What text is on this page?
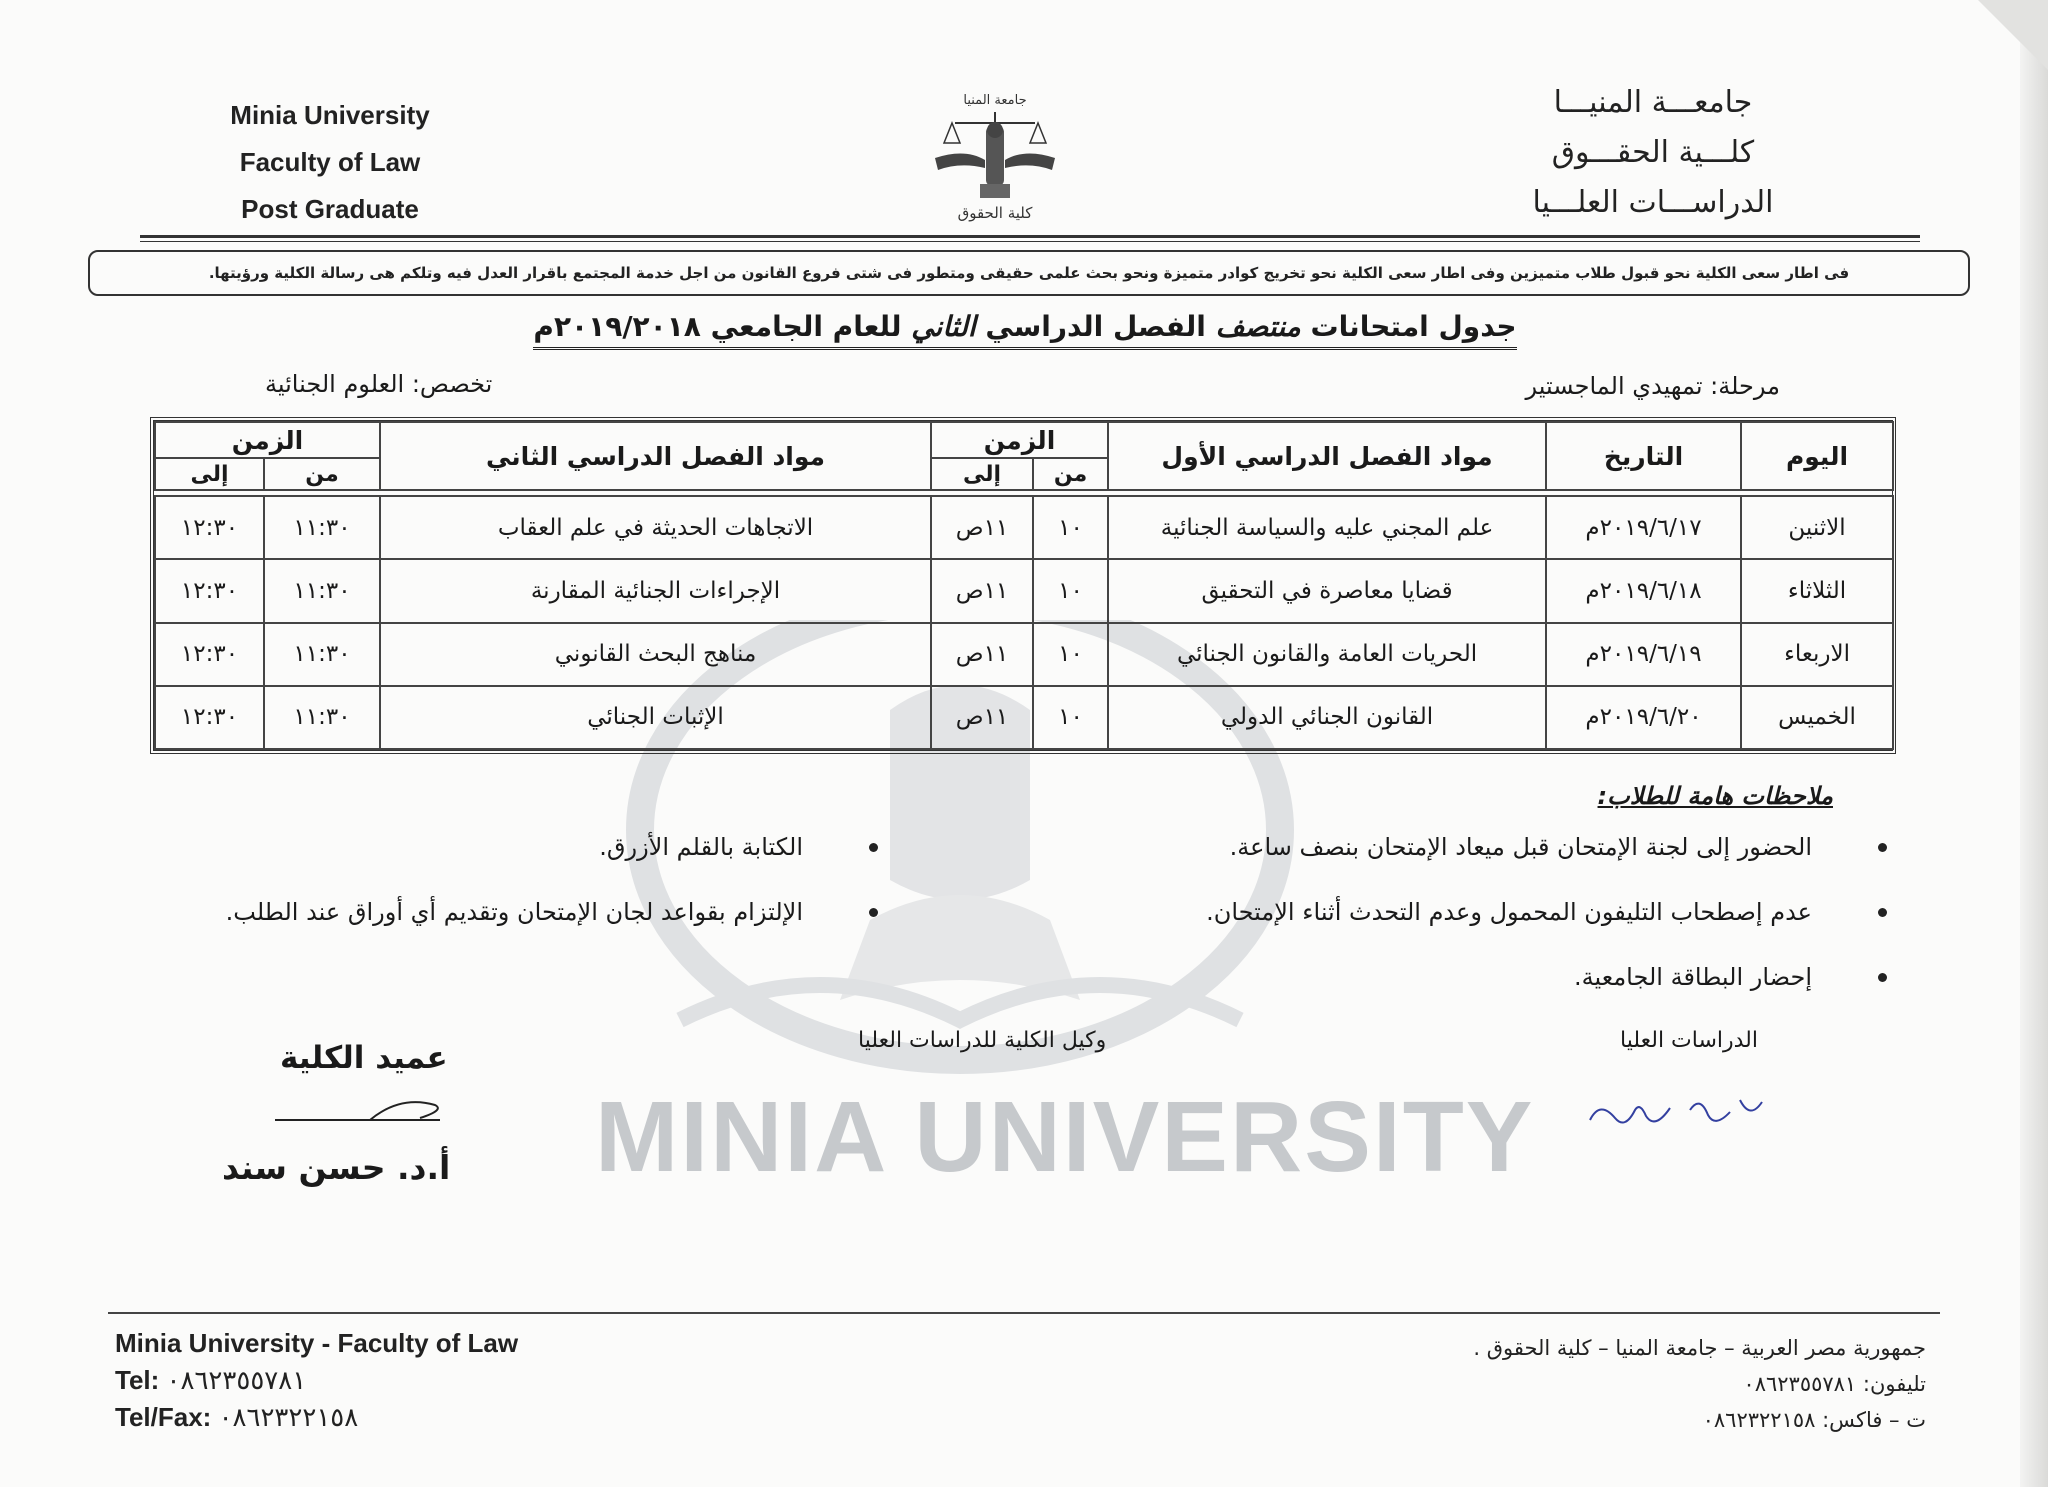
MINIA UNIVERSITY
Minia University
Faculty of Law
Post Graduate
جامعة المنيا
كلية الحقوق
جامعـــة المنيـــا
كلـــية الحقـــوق
الدراســـات العلـــيا
فى اطار سعى الكلية نحو قبول طلاب متميزين وفى اطار سعى الكلية نحو تخريج كوادر متميزة ونحو بحث علمى حقيقى ومتطور فى شتى فروع القانون من اجل خدمة المجتمع باقرار العدل فيه وتلكم هى رسالة الكلية ورؤيتها.
جدول امتحانات منتصف الفصل الدراسي الثاني للعام الجامعي ٢٠١٩/٢٠١٨م
مرحلة: تمهيدي الماجستير
تخصص: العلوم الجنائية
اليوم	التاريخ	مواد الفصل الدراسي الأول	الزمن		مواد الفصل الدراسي الثاني	الزمن	
			من	إلى		من	إلى

الاثنين	٢٠١٩/٦/١٧م	علم المجني عليه والسياسة الجنائية	١٠	١١ص	الاتجاهات الحديثة في علم العقاب	١١:٣٠	١٢:٣٠
الثلاثاء	٢٠١٩/٦/١٨م	قضايا معاصرة في التحقيق	١٠	١١ص	الإجراءات الجنائية المقارنة	١١:٣٠	١٢:٣٠
الاربعاء	٢٠١٩/٦/١٩م	الحريات العامة والقانون الجنائي	١٠	١١ص	مناهج البحث القانوني	١١:٣٠	١٢:٣٠
الخميس	٢٠١٩/٦/٢٠م	القانون الجنائي الدولي	١٠	١١ص	الإثبات الجنائي	١١:٣٠	١٢:٣٠
ملاحظات هامة للطلاب:
الحضور إلى لجنة الإمتحان قبل ميعاد الإمتحان بنصف ساعة.
عدم إصطحاب التليفون المحمول وعدم التحدث أثناء الإمتحان.
إحضار البطاقة الجامعية.
الكتابة بالقلم الأزرق.
الإلتزام بقواعد لجان الإمتحان وتقديم أي أوراق عند الطلب.
الدراسات العليا
وكيل الكلية للدراسات العليا
عميد الكلية
أ.د. حسن سند
Minia University - Faculty of Law
Tel: ٠٨٦٢٣٥٥٧٨١
Tel/Fax: ٠٨٦٢٣٢٢١٥٨
جمهورية مصر العربية – جامعة المنيا – كلية الحقوق .
تليفون: ٠٨٦٢٣٥٥٧٨١
ت – فاكس: ٠٨٦٢٣٢٢١٥٨
